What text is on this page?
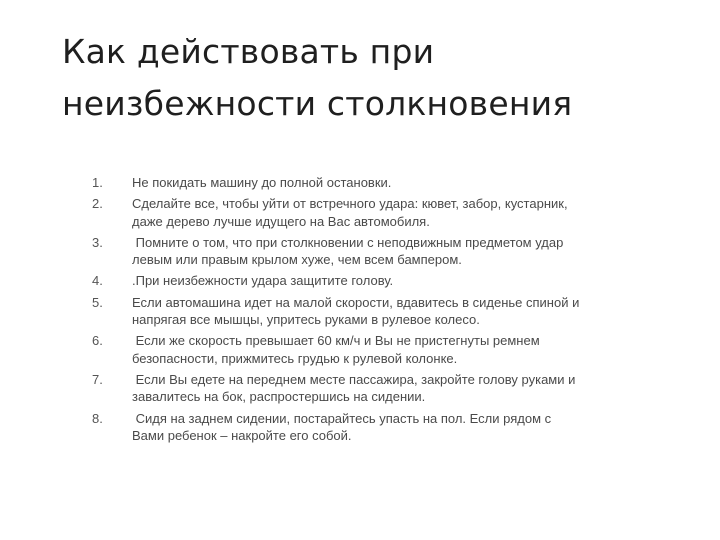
Как действовать при
неизбежности столкновения
1.	Не покидать машину до полной остановки.
2.	Сделайте все, чтобы уйти от встречного удара: кювет, забор, кустарник, даже дерево лучше идущего на Вас автомобиля.
3.	Помните о том, что при столкновении с неподвижным предметом удар левым или правым крылом хуже, чем всем бампером.
4.	.При неизбежности удара защитите голову.
5.	Если автомашина идет на малой скорости, вдавитесь в сиденье спиной и напрягая все мышцы, упритесь руками в рулевое колесо.
6.	Если же скорость превышает 60 км/ч и Вы не пристегнуты ремнем безопасности, прижмитесь грудью к рулевой колонке.
7.	Если Вы едете на переднем месте пассажира, закройте голову руками и завалитесь на бок, распростершись на сидении.
8.	Сидя на заднем сидении, постарайтесь упасть на пол. Если рядом с Вами ребенок – накройте его собой.
